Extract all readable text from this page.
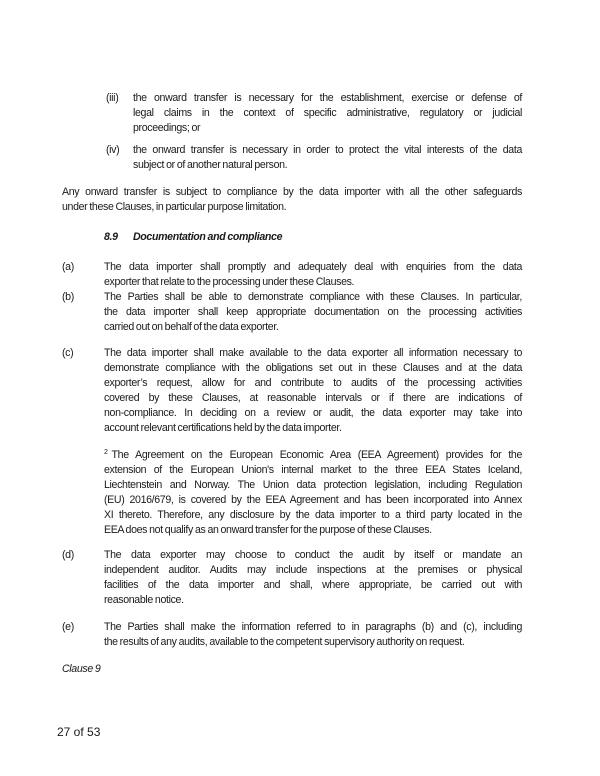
(iii) the onward transfer is necessary for the establishment, exercise or defense of
legal claims in the context of specific administrative, regulatory or judicial
proceedings; or
(iv) the onward transfer is necessary in order to protect the vital interests of the data
subject or of another natural person.
Any onward transfer is subject to compliance by the data importer with all the other safeguards
under these Clauses, in particular purpose limitation.
8.9 Documentation and compliance
(a)	The data importer shall promptly and adequately deal with enquiries from the data
exporter that relate to the processing under these Clauses.
(b)	The Parties shall be able to demonstrate compliance with these Clauses. In particular,
the data importer shall keep appropriate documentation on the processing activities
carried out on behalf of the data exporter.
(c)	The data importer shall make available to the data exporter all information necessary to
demonstrate compliance with the obligations set out in these Clauses and at the data
exporter’s request, allow for and contribute to audits of the processing activities
covered by these Clauses, at reasonable intervals or if there are indications of
non-compliance. In deciding on a review or audit, the data exporter may take into
account relevant certifications held by the data importer.
$^2$ The Agreement on the European Economic Area (EEA Agreement) provides for the
extension of the European Union's internal market to the three EEA States Iceland,
Liechtenstein and Norway. The Union data protection legislation, including Regulation
(EU) 2016/679, is covered by the EEA Agreement and has been incorporated into Annex
XI thereto. Therefore, any disclosure by the data importer to a third party located in the
EEA does not qualify as an onward transfer for the purpose of these Clauses.
(d)	The data exporter may choose to conduct the audit by itself or mandate an
independent auditor. Audits may include inspections at the premises or physical
facilities of the data importer and shall, where appropriate, be carried out with
reasonable notice.
(e)	The Parties shall make the information referred to in paragraphs (b) and (c), including
the results of any audits, available to the competent supervisory authority on request.
Clause 9
27 of 53
